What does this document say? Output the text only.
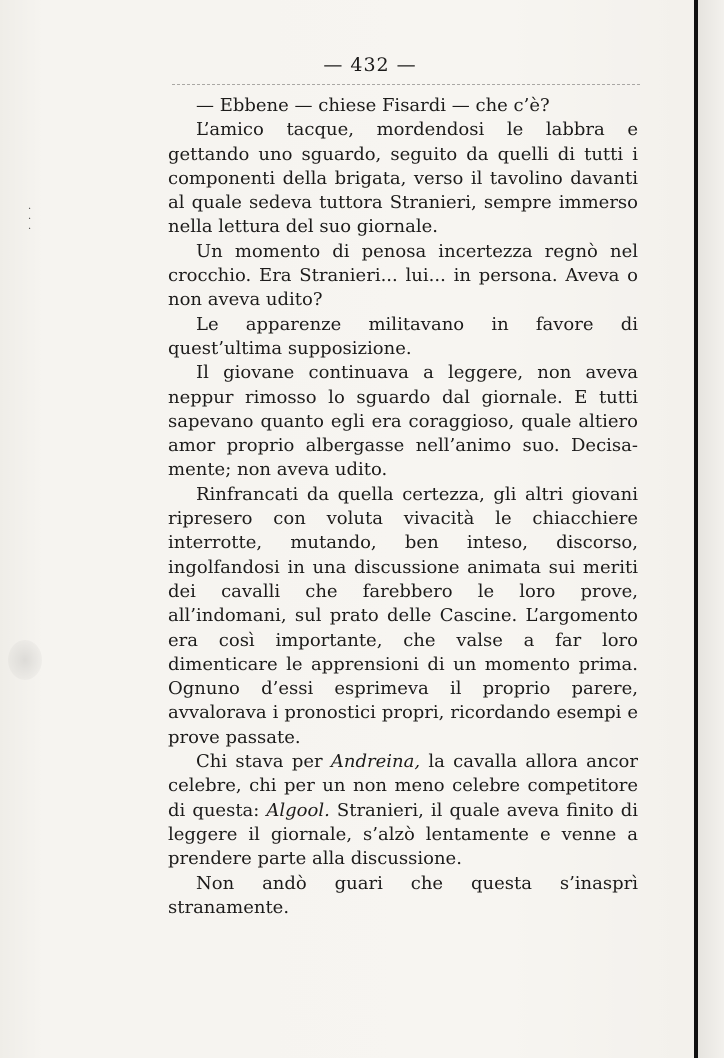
·
·
·
— 432 —

— Ebbene — chiese Fisardi — che c’è?

L’amico tacque, mordendosi le labbra e gettando uno sguardo, seguito da quelli di tutti i componenti della brigata, verso il tavolino davanti al quale sedeva tuttora Stranieri, sempre immerso nella lettura del suo giornale.

Un momento di penosa incertezza regnò nel crocchio. Era Stranieri... lui... in persona. Aveva o non aveva udito?

Le apparenze militavano in favore di quest’ultima supposizione.

Il giovane continuava a leggere, non aveva neppur rimosso lo sguardo dal giornale. E tutti sapevano quanto egli era coraggioso, quale altiero amor proprio albergasse nell’animo suo. Decisamente; non aveva udito.

Rinfrancati da quella certezza, gli altri giovani ripresero con voluta vivacità le chiacchiere interrotte, mutando, ben inteso, discorso, ingolfandosi in una discussione animata sui meriti dei cavalli che farebbero le loro prove, all’indomani, sul prato delle Cascine. L’argomento era così importante, che valse a far loro dimenticare le apprensioni di un momento prima. Ognuno d’essi esprimeva il proprio parere, avvalorava i pronostici propri, ricordando esempi e prove passate.

Chi stava per Andreina, la cavalla allora ancor celebre, chi per un non meno celebre competitore di questa: Algool. Stranieri, il quale aveva finito di leggere il giornale, s’alzò lentamente e venne a prendere parte alla discussione.

Non andò guari che questa s’inasprì stranamente.
